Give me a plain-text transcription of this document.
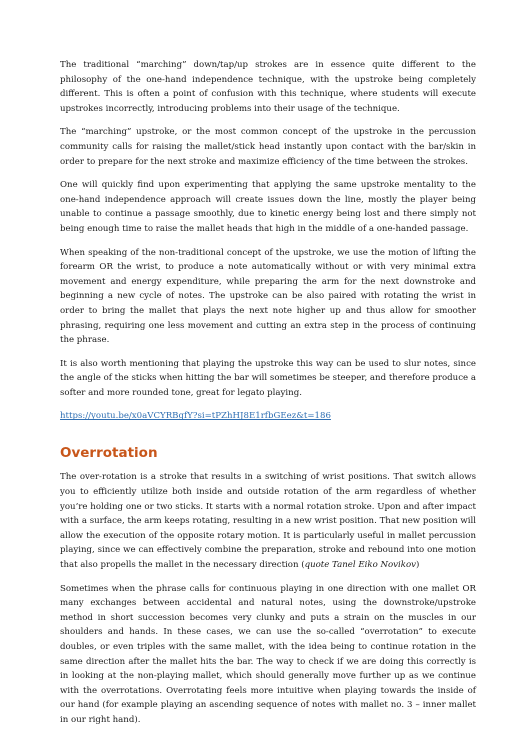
The traditional “marching” down/tap/up strokes are in essence quite different to the philosophy of the one-hand independence technique, with the upstroke being completely different. This is often a point of confusion with this technique, where students will execute upstrokes incorrectly, introducing problems into their usage of the technique.

The “marching” upstroke, or the most common concept of the upstroke in the percussion community calls for raising the mallet/stick head instantly upon contact with the bar/skin in order to prepare for the next stroke and maximize efficiency of the time between the strokes.

One will quickly find upon experimenting that applying the same upstroke mentality to the one-hand independence approach will create issues down the line, mostly the player being unable to continue a passage smoothly, due to kinetic energy being lost and there simply not being enough time to raise the mallet heads that high in the middle of a one-handed passage.

When speaking of the non-traditional concept of the upstroke, we use the motion of lifting the forearm OR the wrist, to produce a note automatically without or with very minimal extra movement and energy expenditure, while preparing the arm for the next downstroke and beginning a new cycle of notes. The upstroke can be also paired with rotating the wrist in order to bring the mallet that plays the next note higher up and thus allow for smoother phrasing, requiring one less movement and cutting an extra step in the process of continuing the phrase.

It is also worth mentioning that playing the upstroke this way can be used to slur notes, since the angle of the sticks when hitting the bar will sometimes be steeper, and therefore produce a softer and more rounded tone, great for legato playing.

https://youtu.be/x0aVCYRBgfY?si=tPZhHJ8E1rfbGEez&t=186
Overrotation

The over-rotation is a stroke that results in a switching of wrist positions. That switch allows you to efficiently utilize both inside and outside rotation of the arm regardless of whether you’re holding one or two sticks. It starts with a normal rotation stroke. Upon and after impact with a surface, the arm keeps rotating, resulting in a new wrist position. That new position will allow the execution of the opposite rotary motion. It is particularly useful in mallet percussion playing, since we can effectively combine the preparation, stroke and rebound into one motion that also propells the mallet in the necessary direction (quote Tanel Eiko Novikov)

Sometimes when the phrase calls for continuous playing in one direction with one mallet OR many exchanges between accidental and natural notes, using the downstroke/upstroke method in short succession becomes very clunky and puts a strain on the muscles in our shoulders and hands. In these cases, we can use the so-called “overrotation” to execute doubles, or even triples with the same mallet, with the idea being to continue rotation in the same direction after the mallet hits the bar. The way to check if we are doing this correctly is in looking at the non-playing mallet, which should generally move further up as we continue with the overrotations. Overrotating feels more intuitive when playing towards the inside of our hand (for example playing an ascending sequence of notes with mallet no. 3 – inner mallet in our right hand).
